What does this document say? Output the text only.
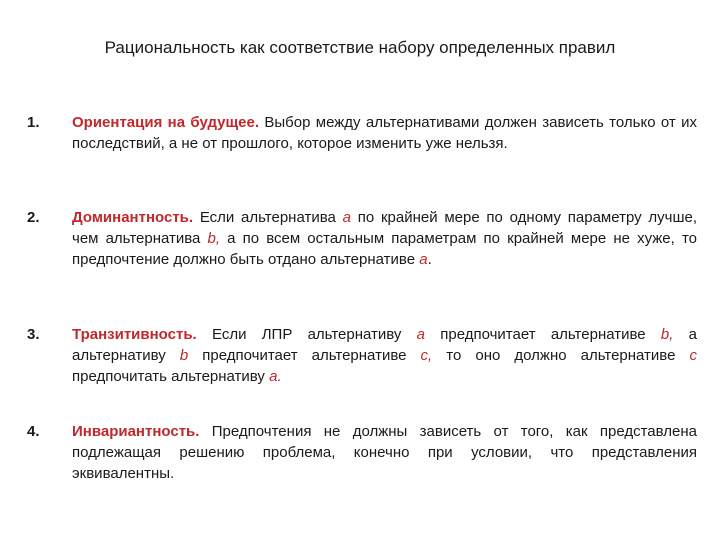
Рациональность как соответствие набору определенных правил
1.	Ориентация на будущее. Выбор между альтернативами должен зависеть только от их последствий, а не от прошлого, которое изменить уже нельзя.
2.	Доминантность. Если альтернатива a по крайней мере по одному параметру лучше, чем альтернатива b, а по всем остальным параметрам по крайней мере не хуже, то предпочтение должно быть отдано альтернативе a.
3.	Транзитивность. Если ЛПР альтернативу a предпочитает альтернативе b, а альтернативу b предпочитает альтернативе c, то оно должно альтернативе c предпочитать альтернативу a.
4.	Инвариантность. Предпочтения не должны зависеть от того, как представлена подлежащая решению проблема, конечно при условии, что представления эквивалентны.
